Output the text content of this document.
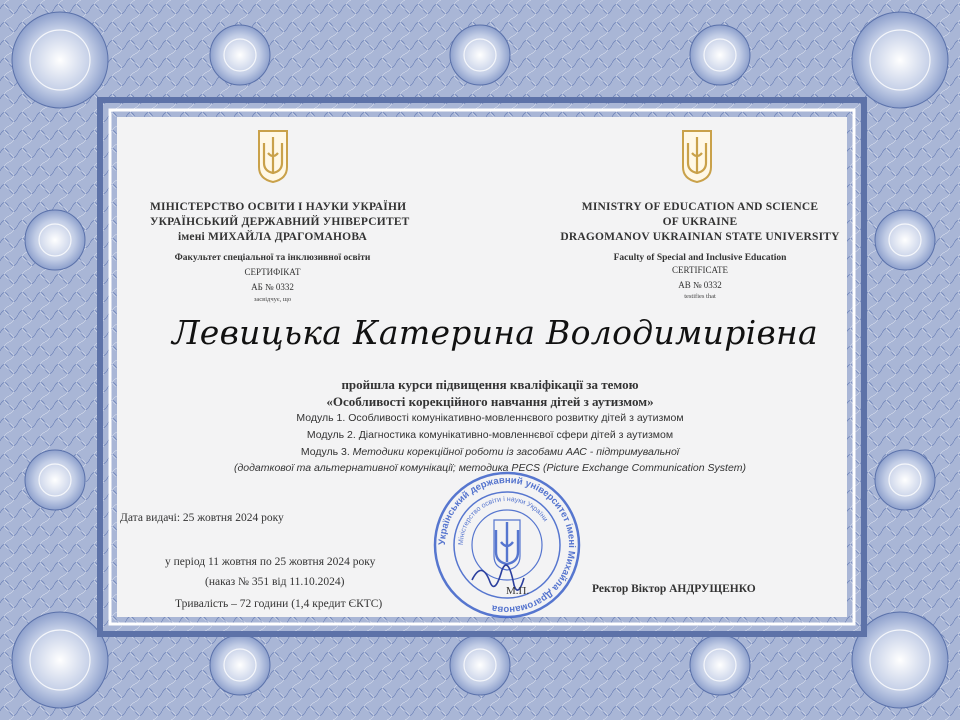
МІНІСТЕРСТВО ОСВІТИ І НАУКИ УКРАЇНИ
УКРАЇНСЬКИЙ ДЕРЖАВНИЙ УНІВЕРСИТЕТ
імені МИХАЙЛА ДРАГОМАНОВА
Факультет спеціальної та інклюзивної освіти
СЕРТИФІКАТ
АБ № 0332
засвідчує, що
MINISTRY OF EDUCATION AND SCIENCE
OF UKRAINE
DRAGOMANOV UKRAINIAN STATE UNIVERSITY
Faculty of Special and Inclusive Education
CERTIFICATE
АВ № 0332
testifies that
Левицька Катерина Володимирівна
пройшла курси підвищення кваліфікації за темою
«Особливості корекційного навчання дітей з аутизмом»
Модуль 1. Особливості комунікативно-мовленнєвого розвитку дітей з аутизмом
Модуль 2. Діагностика комунікативно-мовленнєвої сфери дітей з аутизмом
Модуль 3. Методики корекційної роботи із засобами ААС - підтримувальної
(додаткової та альтернативної комунікації; методика PECS (Picture Exchange Communication System)
Дата видачі: 25 жовтня 2024 року
у період 11 жовтня по 25 жовтня 2024 року
(наказ № 351 від 11.10.2024)
Тривалість – 72 години (1,4 кредит ЄКТС)
Український державний університет імені Михайла Драгоманова
Міністерство освіти і науки України
М.П.	Ректор Віктор АНДРУЩЕНКО
